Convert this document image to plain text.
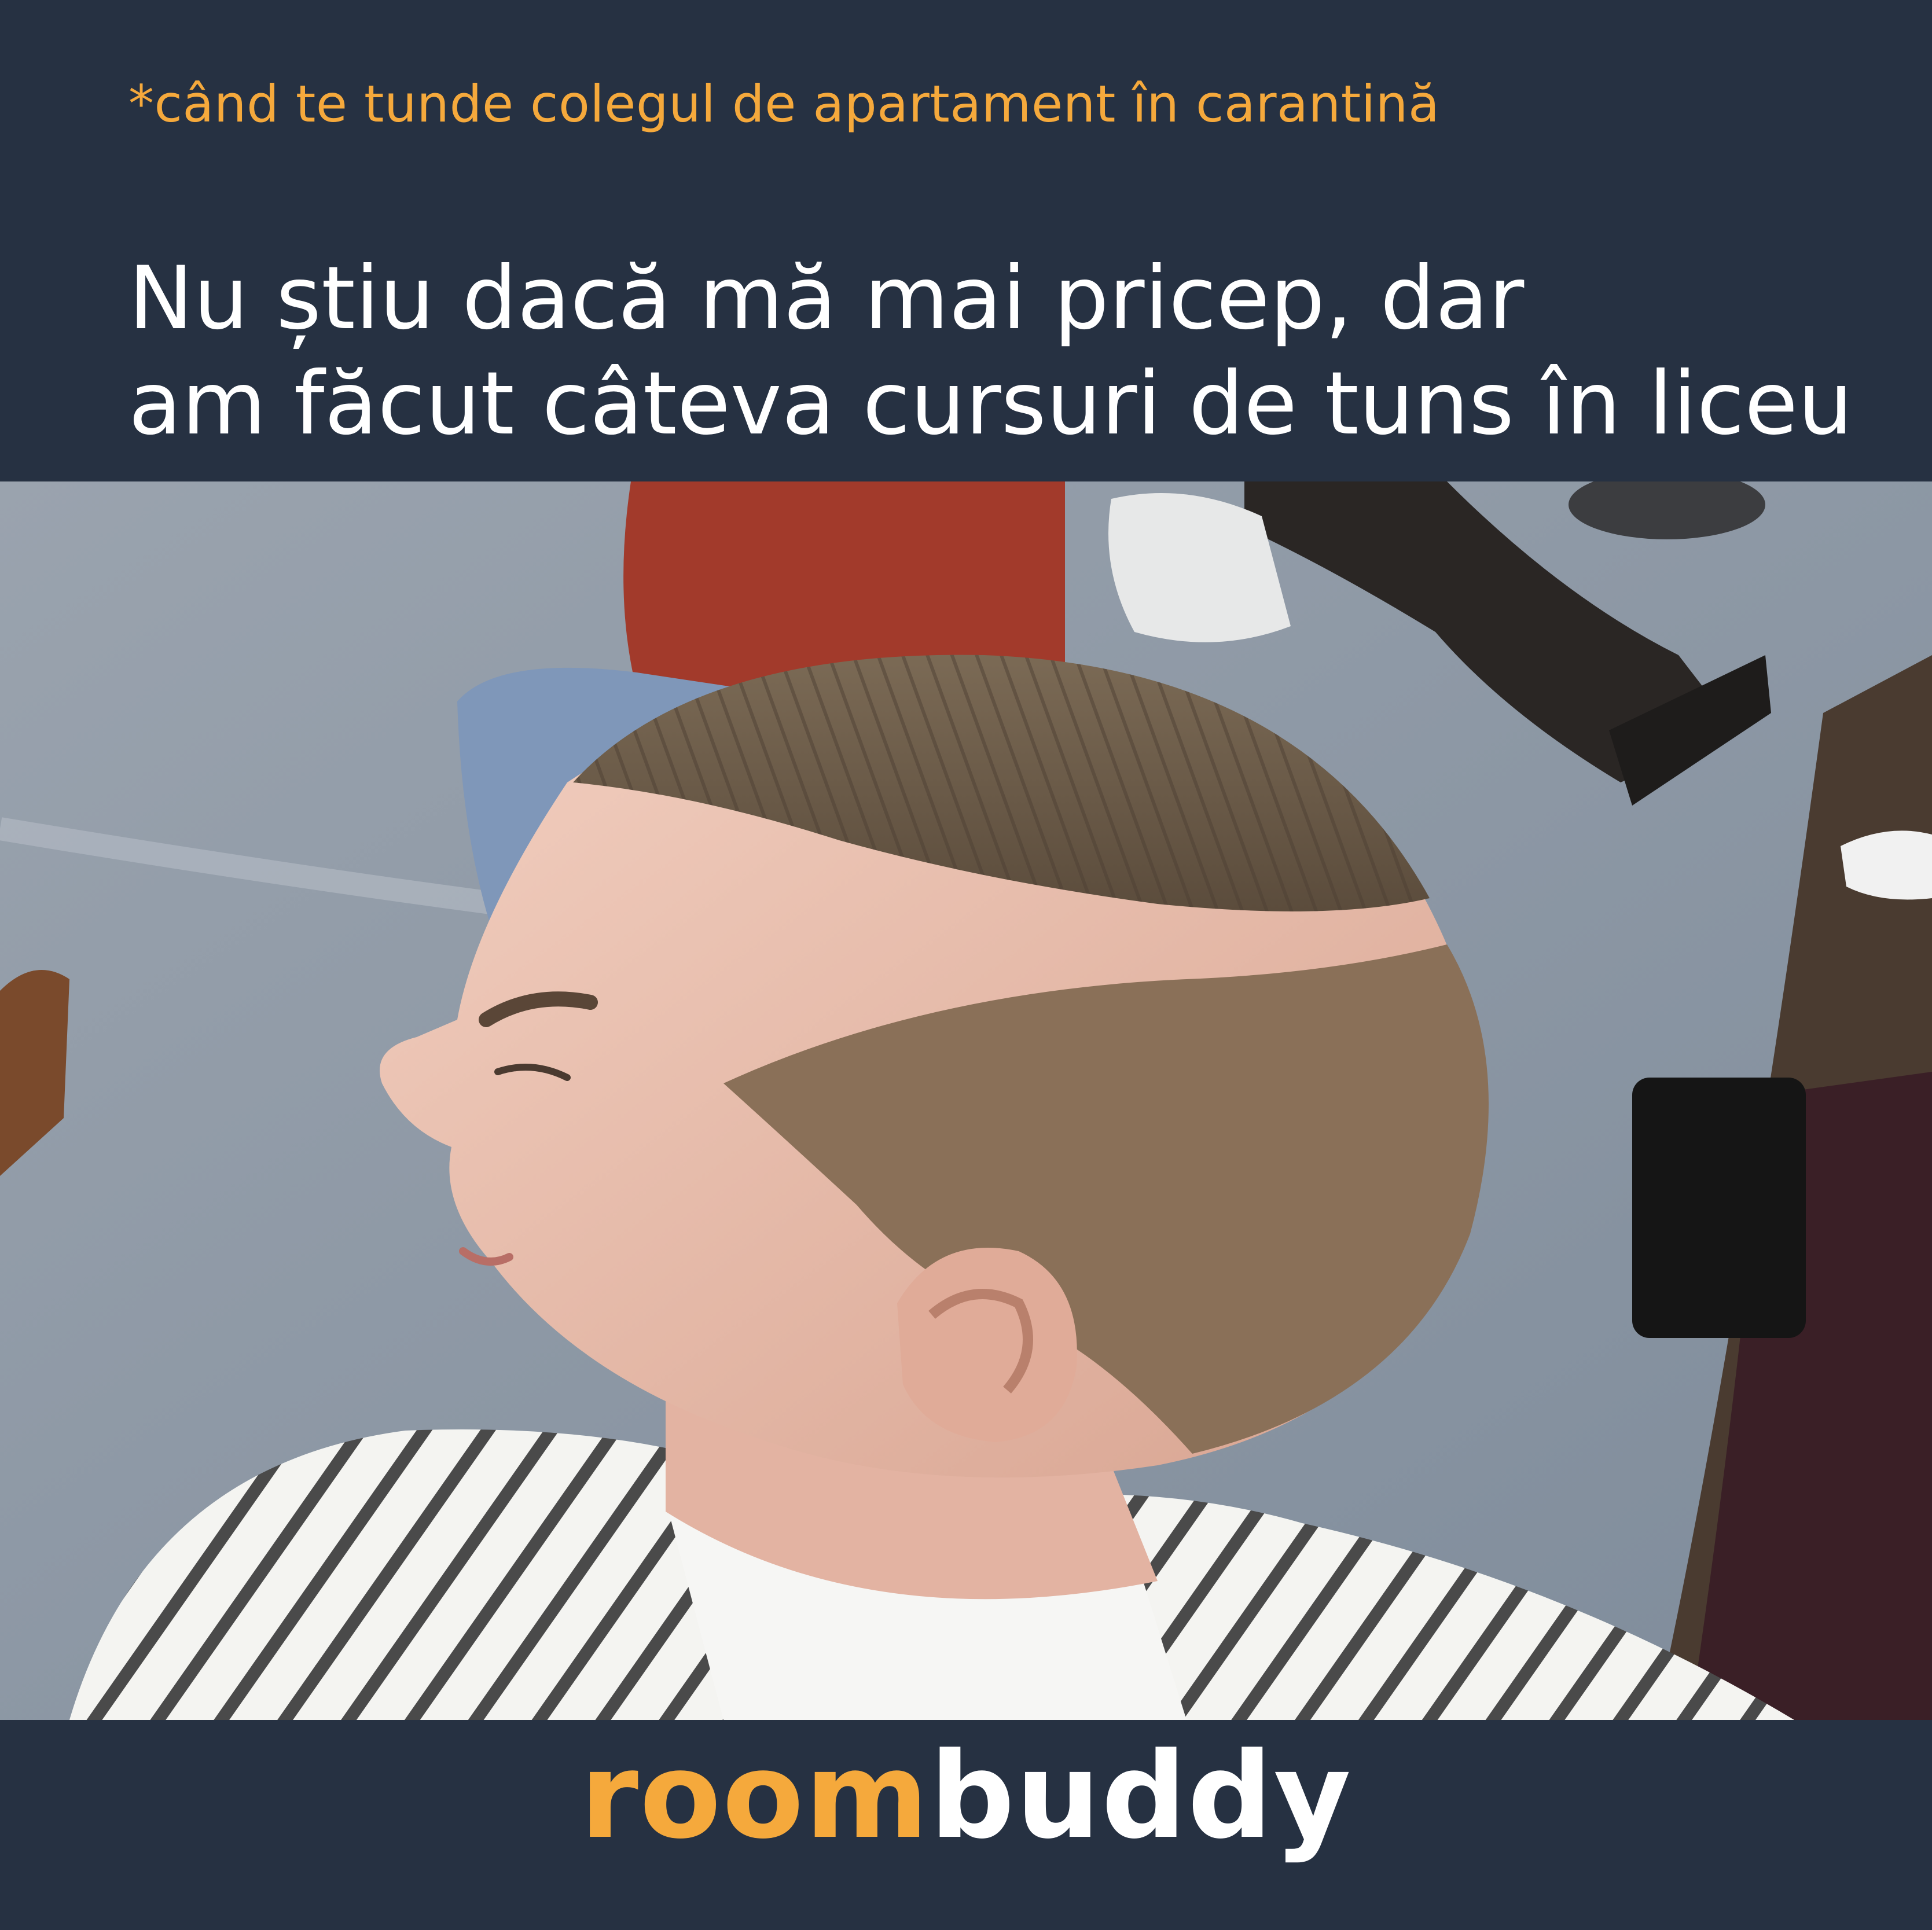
*când te tunde colegul de apartament în carantină
Nu știu dacă mă mai pricep, dar
am făcut câteva cursuri de tuns în liceu
roombuddy
